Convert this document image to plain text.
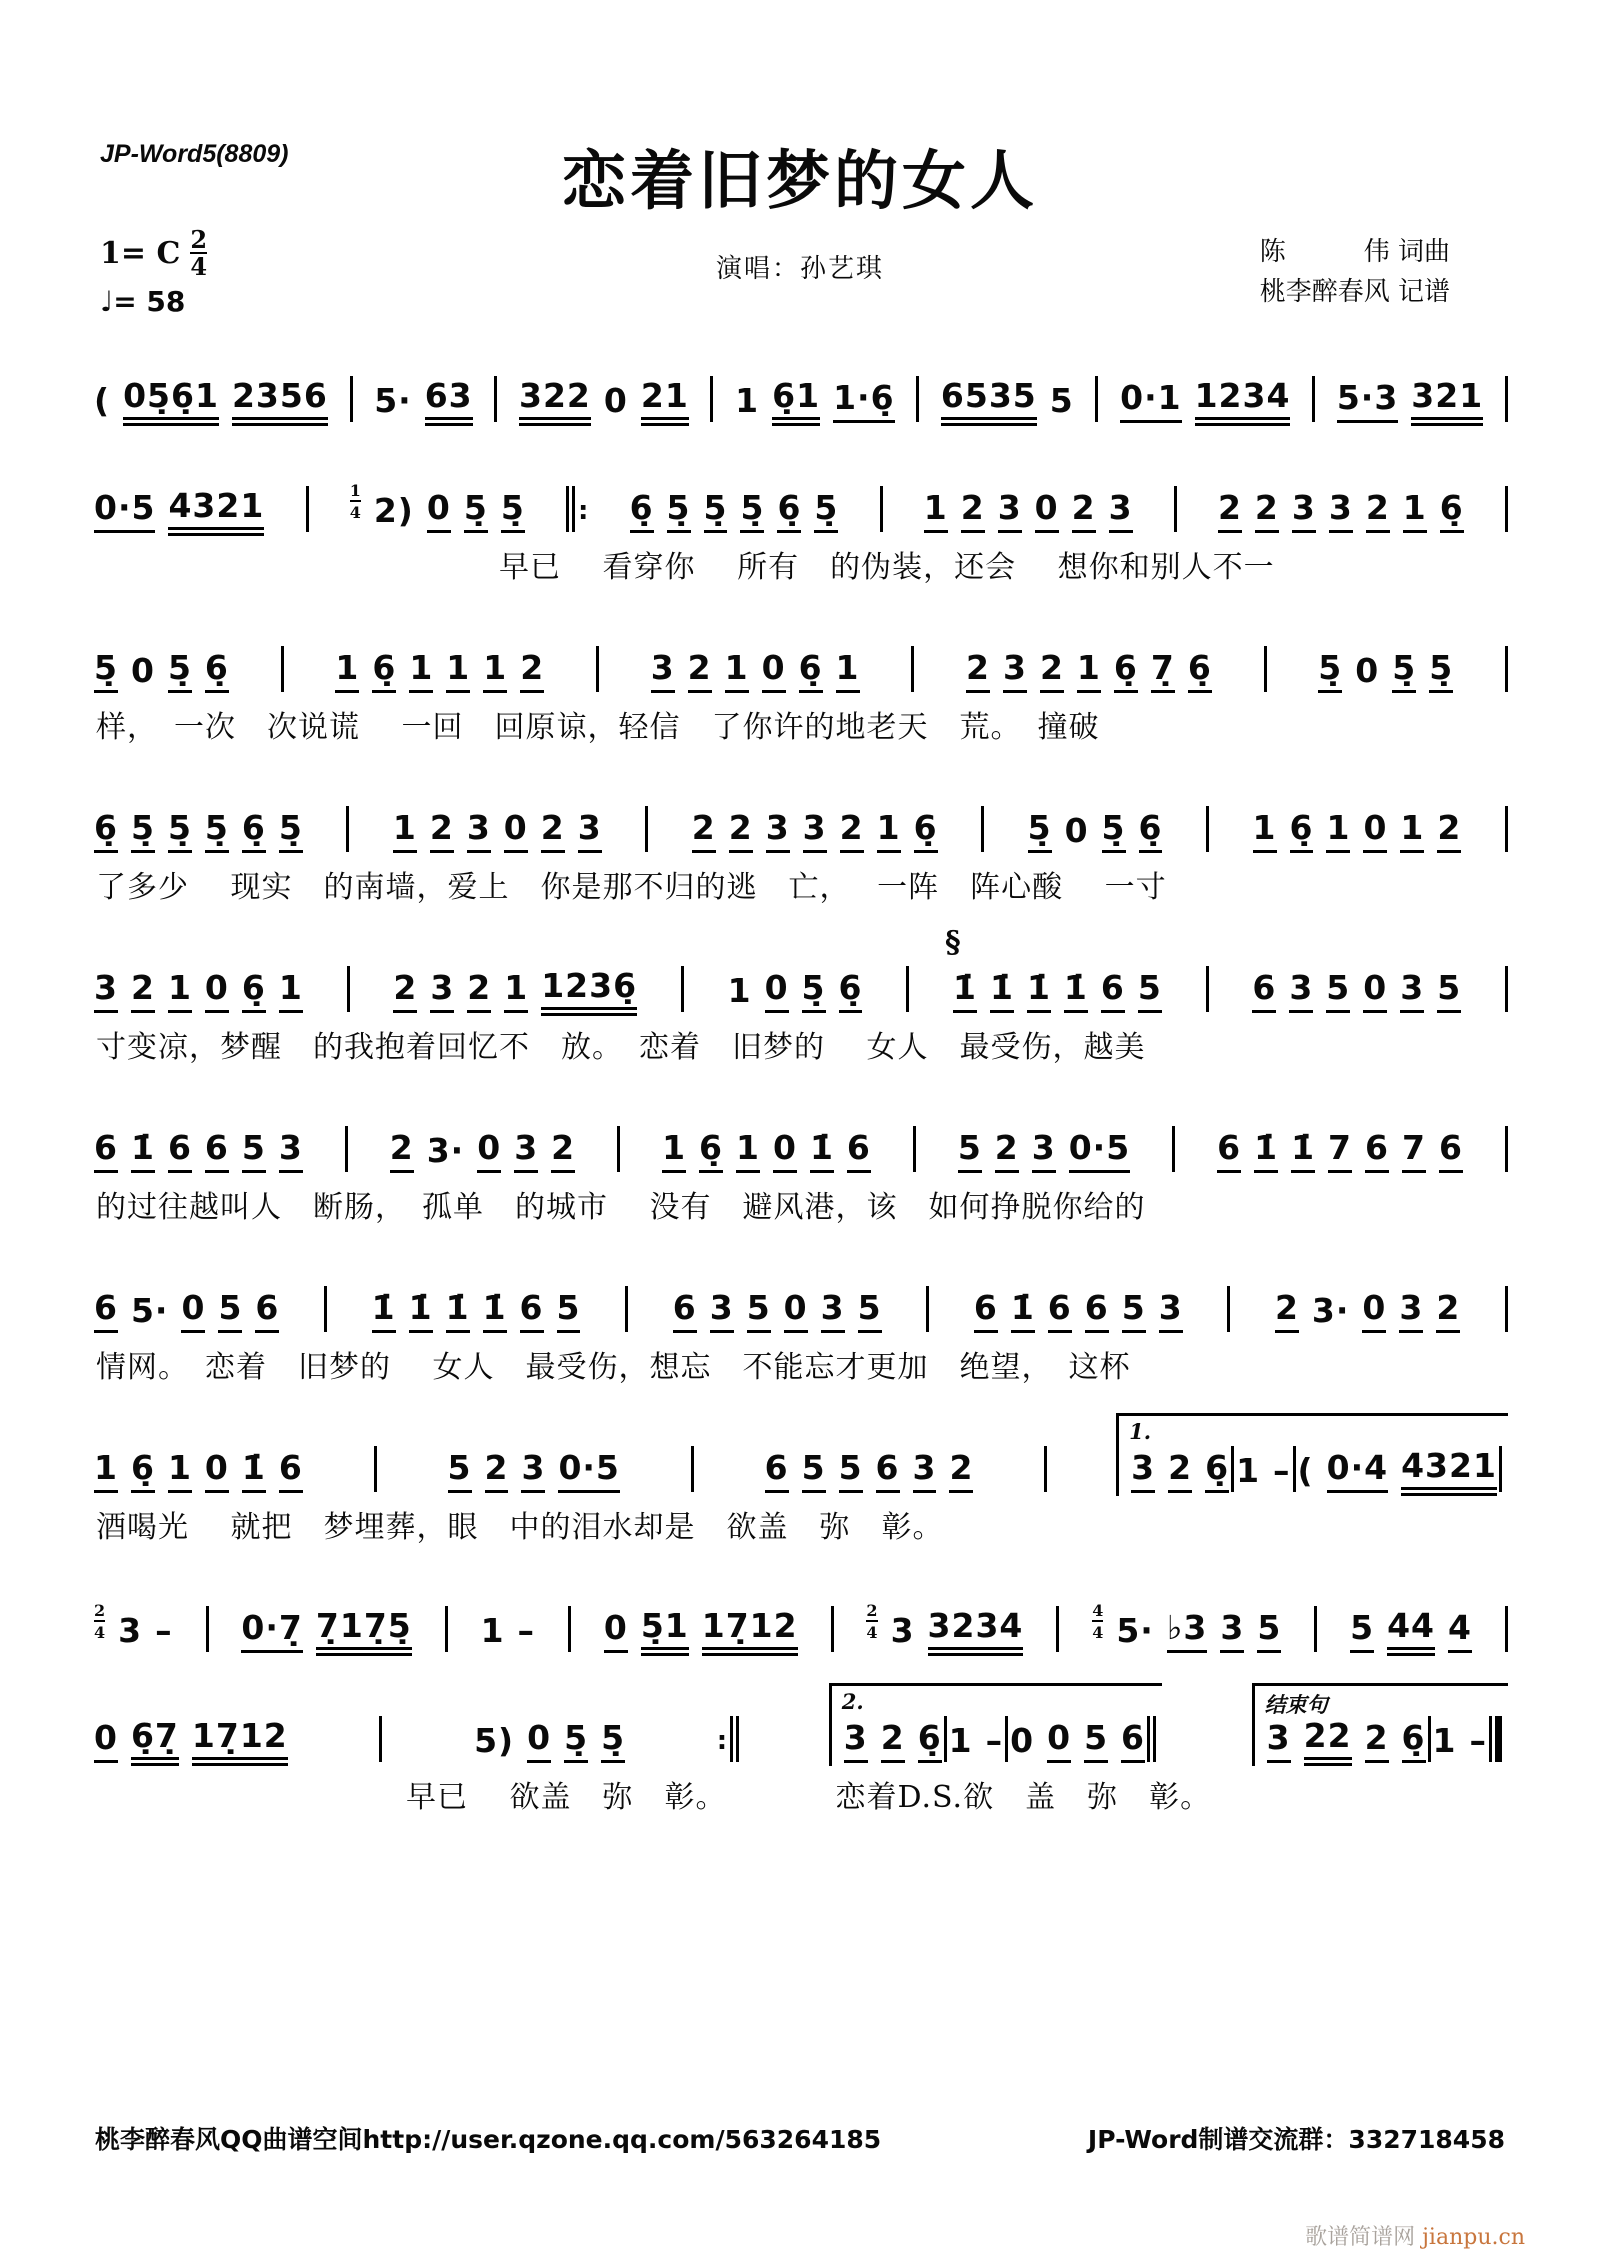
JP-Word5(8809)	恋着旧梦的女人
演唱：孙艺琪
陈　　　伟 词曲
桃李醉春风 记谱
1= C $\frac{2}{4}$
♩= 58
( 05̣6̣1 2356 5· 63 322 0 21 1 6̣1 1·6̣ 6535 5 0·1 1234 5·3 321
0·5 4321	$\frac{1}{4} 2$) 0 5̣ 5̣ : 6̣ 5̣ 5̣ 5̣ 6̣ 5̣	1 2 3 0 2 3	2 2 3 3 2 1 6̣
　　　　　　　　　　　　　早已　 看穿你 　所有　的伪装，还会　 想你和别人不一
5̣ 0 5̣ 6̣	1 6̣ 1 1 1 2	3 2 1 0 6̣ 1	2 3 2 1 6̣ 7̣ 6̣	5̣ 0 5̣ 5̣
样，　一次　次说谎　 一回　回原谅，轻信　了你许的地老天　荒。　撞破
6̣ 5̣ 5̣ 5̣ 6̣ 5̣	1 2 3 0 2 3	2 2 3 3 2 1 6̣	5̣ 0 5̣ 6̣	1 6̣ 1 0 1 2
了多少　 现实　的南墙，爱上　你是那不归的逃　亡，　 一阵　阵心酸　 一寸
3 2 1 0 6̣ 1	2 3 2 1 1236̣	1 0 5̣ 6̣
§
1̇ 1̇ 1̇ 1̇ 6 5	6 3 5 0 3 5
寸变凉，梦醒　的我抱着回忆不　放。　恋着　旧梦的　 女人　最受伤，越美
6 1̇ 6 6 5 3	2 3· 0 3 2	1 6̣ 1 0 1̇ 6	5 2 3 0·5	6 1̇ 1̇ 7 6 7 6
的过往越叫人　断肠，　孤单　的城市　 没有　避风港，该　如何挣脱你给的
6 5· 0 5 6	1̇ 1̇ 1̇ 1̇ 6 5	6 3 5 0 3 5	6 1̇ 6 6 5 3	2 3· 0 3 2
情网。　恋着　旧梦的　 女人　最受伤，想忘　不能忘才更加　绝望，　这杯
1 6̣ 1 0 1̇ 6	5 2 3 0·5	6 5 5 6 3 2
1.
3 2 6̣ 1 – ( 0·4 4321
酒喝光　 就把　梦埋葬，眼　中的泪水却是　欲盖　弥　彰。
$\frac{2}{4} 3$ – 0·7̣ 7̣17̣5̣ 1 – 0 5̣1 17̣12	$\frac{2}{4} 3$ 3234	$\frac{4}{4} 5\cdot$ ♭3 3 5 5 44 4
0 6̣7̣ 17̣12	5) 0 5̣ 5̣	:
2.
3 2 6̣ 1 – 0 0 5 6
结束句
3 22 2 6̣ 1 –
　　　　　　　　　　早已　 欲盖　弥　彰。　　　　恋着D.S.欲　盖　弥　彰。
桃李醉春风QQ曲谱空间http://user.qzone.qq.com/563264185	JP-Word制谱交流群：332718458
歌谱简谱网 jianpu.cn
